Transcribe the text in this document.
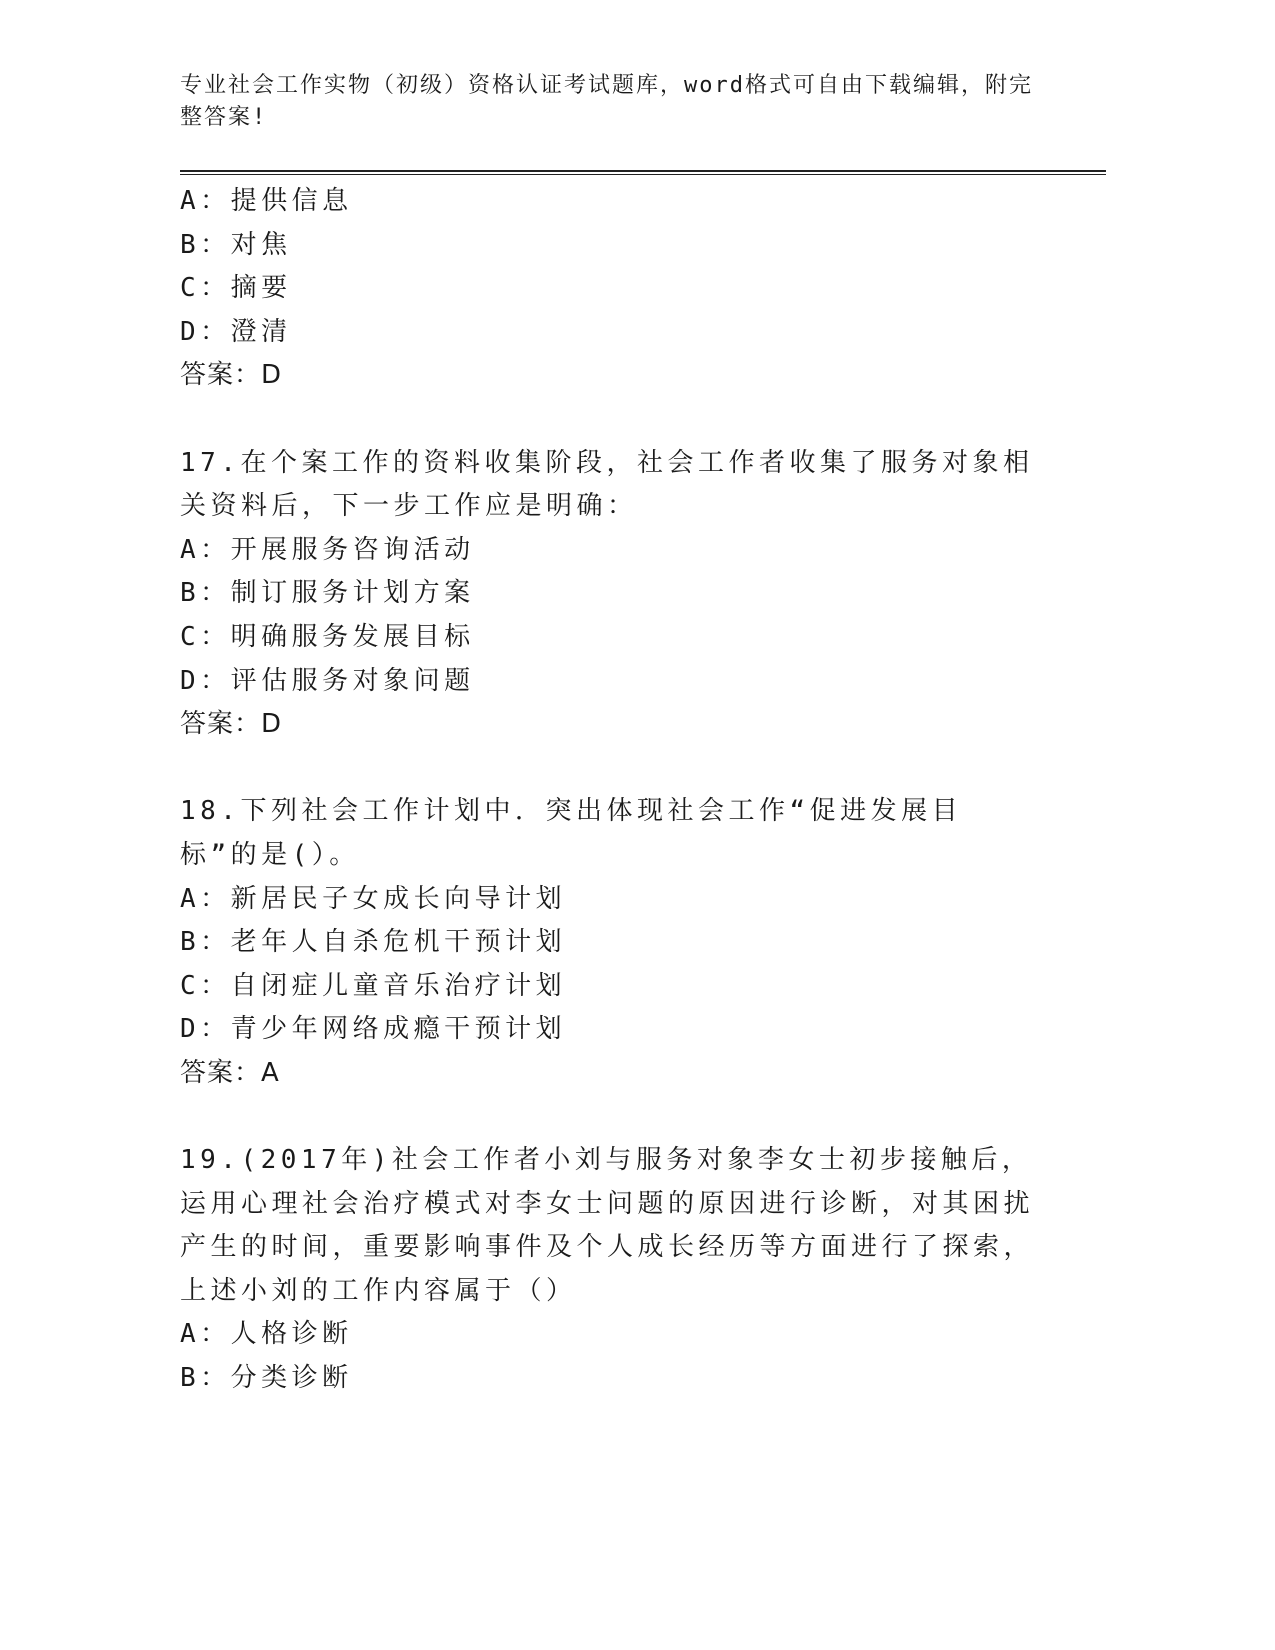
专业社会工作实物（初级）资格认证考试题库，word格式可自由下载编辑，附完整答案!
A：提供信息
B：对焦
C：摘要
D：澄清
答案：D
17.在个案工作的资料收集阶段，社会工作者收集了服务对象相关资料后，下一步工作应是明确：
A：开展服务咨询活动
B：制订服务计划方案
C：明确服务发展目标
D：评估服务对象问题
答案：D
18.下列社会工作计划中．突出体现社会工作“促进发展目标”的是(）。
A：新居民子女成长向导计划
B：老年人自杀危机干预计划
C：自闭症儿童音乐治疗计划
D：青少年网络成瘾干预计划
答案：A
19.(2017年)社会工作者小刘与服务对象李女士初步接触后，运用心理社会治疗模式对李女士问题的原因进行诊断，对其困扰产生的时间，重要影响事件及个人成长经历等方面进行了探索，上述小刘的工作内容属于（）
A：人格诊断
B：分类诊断
